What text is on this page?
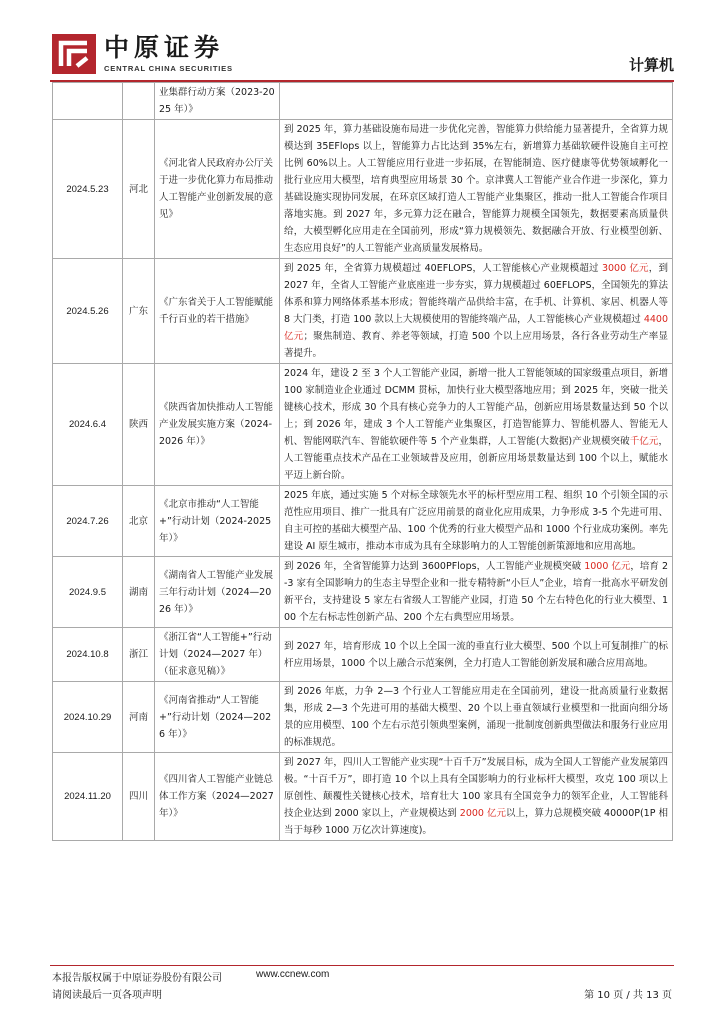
中原证券
CENTRAL CHINA SECURITIES	计算机
		业集群行动方案（2023-2025 年）》	

2024.5.23	河北	《河北省人民政府办公厅关于进一步优化算力布局推动人工智能产业创新发展的意见》	到 2025 年，算力基础设施布局进一步优化完善，智能算力供给能力显著提升，全省算力规模达到 35EFlops 以上，智能算力占比达到 35%左右，新增算力基础软硬件设施自主可控比例 60%以上。人工智能应用行业进一步拓展，在智能制造、医疗健康等优势领域孵化一批行业应用大模型，培育典型应用场景 30 个。京津冀人工智能产业合作进一步深化，算力基础设施实现协同发展，在环京区域打造人工智能产业集聚区，推动一批人工智能合作项目落地实施。到 2027 年，多元算力泛在融合，智能算力规模全国领先，数据要素高质量供给，大模型孵化应用走在全国前列，形成“算力规模领先、数据融合开放、行业模型创新、生态应用良好”的人工智能产业高质量发展格局。

2024.5.26	广东	《广东省关于人工智能赋能千行百业的若干措施》	到 2025 年，全省算力规模超过 40EFLOPS，人工智能核心产业规模超过 3000 亿元，到 2027 年，全省人工智能产业底座进一步夯实，算力规模超过 60EFLOPS，全国领先的算法体系和算力网络体系基本形成；智能终端产品供给丰富，在手机、计算机、家居、机器人等 8 大门类，打造 100 款以上大规模使用的智能终端产品，人工智能核心产业规模超过 4400 亿元；聚焦制造、教育、养老等领域，打造 500 个以上应用场景，各行各业劳动生产率显著提升。

2024.6.4	陕西	《陕西省加快推动人工智能产业发展实施方案（2024-2026 年）》	2024 年，建设 2 至 3 个人工智能产业园，新增一批人工智能领域的国家级重点项目，新增 100 家制造业企业通过 DCMM 贯标，加快行业大模型落地应用；到 2025 年，突破一批关键核心技术，形成 30 个具有核心竞争力的人工智能产品，创新应用场景数量达到 50 个以上；到 2026 年，建成 3 个人工智能产业集聚区，打造智能算力、智能机器人、智能无人机、智能网联汽车、智能软硬件等 5 个产业集群，人工智能(大数据)产业规模突破千亿元，人工智能重点技术产品在工业领域普及应用，创新应用场景数量达到 100 个以上，赋能水平迈上新台阶。

2024.7.26	北京	《北京市推动“人工智能+”行动计划（2024-2025 年）》	2025 年底，通过实施 5 个对标全球领先水平的标杆型应用工程、组织 10 个引领全国的示范性应用项目、推广一批具有广泛应用前景的商业化应用成果，力争形成 3-5 个先进可用、自主可控的基础大模型产品、100 个优秀的行业大模型产品和 1000 个行业成功案例。率先建设 AI 原生城市，推动本市成为具有全球影响力的人工智能创新策源地和应用高地。

2024.9.5	湖南	《湖南省人工智能产业发展三年行动计划（2024—2026 年）》	到 2026 年，全省智能算力达到 3600PFlops，人工智能产业规模突破 1000 亿元，培育 2-3 家有全国影响力的生态主导型企业和一批专精特新“小巨人”企业，培育一批高水平研发创新平台，支持建设 5 家左右省级人工智能产业园，打造 50 个左右特色化的行业大模型、100 个左右标志性创新产品、200 个左右典型应用场景。

2024.10.8	浙江	《浙江省“人工智能+”行动计划（2024—2027 年）（征求意见稿）》	到 2027 年，培育形成 10 个以上全国一流的垂直行业大模型、500 个以上可复制推广的标杆应用场景，1000 个以上融合示范案例，全力打造人工智能创新发展和融合应用高地。

2024.10.29	河南	《河南省推动“人工智能+”行动计划（2024—2026 年）》	到 2026 年底，力争 2—3 个行业人工智能应用走在全国前列，建设一批高质量行业数据集，形成 2—3 个先进可用的基础大模型、20 个以上垂直领域行业模型和一批面向细分场景的应用模型、100 个左右示范引领典型案例，涌现一批制度创新典型做法和服务行业应用的标准规范。

2024.11.20	四川	《四川省人工智能产业链总体工作方案（2024—2027 年）》	到 2027 年，四川人工智能产业实现“十百千万”发展目标，成为全国人工智能产业发展第四极。“十百千万”，即打造 10 个以上具有全国影响力的行业标杆大模型，攻克 100 项以上原创性、颠覆性关键核心技术，培育壮大 100 家具有全国竞争力的领军企业，人工智能科技企业达到 2000 家以上，产业规模达到 2000 亿元以上，算力总规模突破 40000P(1P 相当于每秒 1000 万亿次计算速度)。

本报告版权属于中原证券股份有限公司	www.ccnew.com
请阅读最后一页各项声明	第 10 页 / 共 13 页
